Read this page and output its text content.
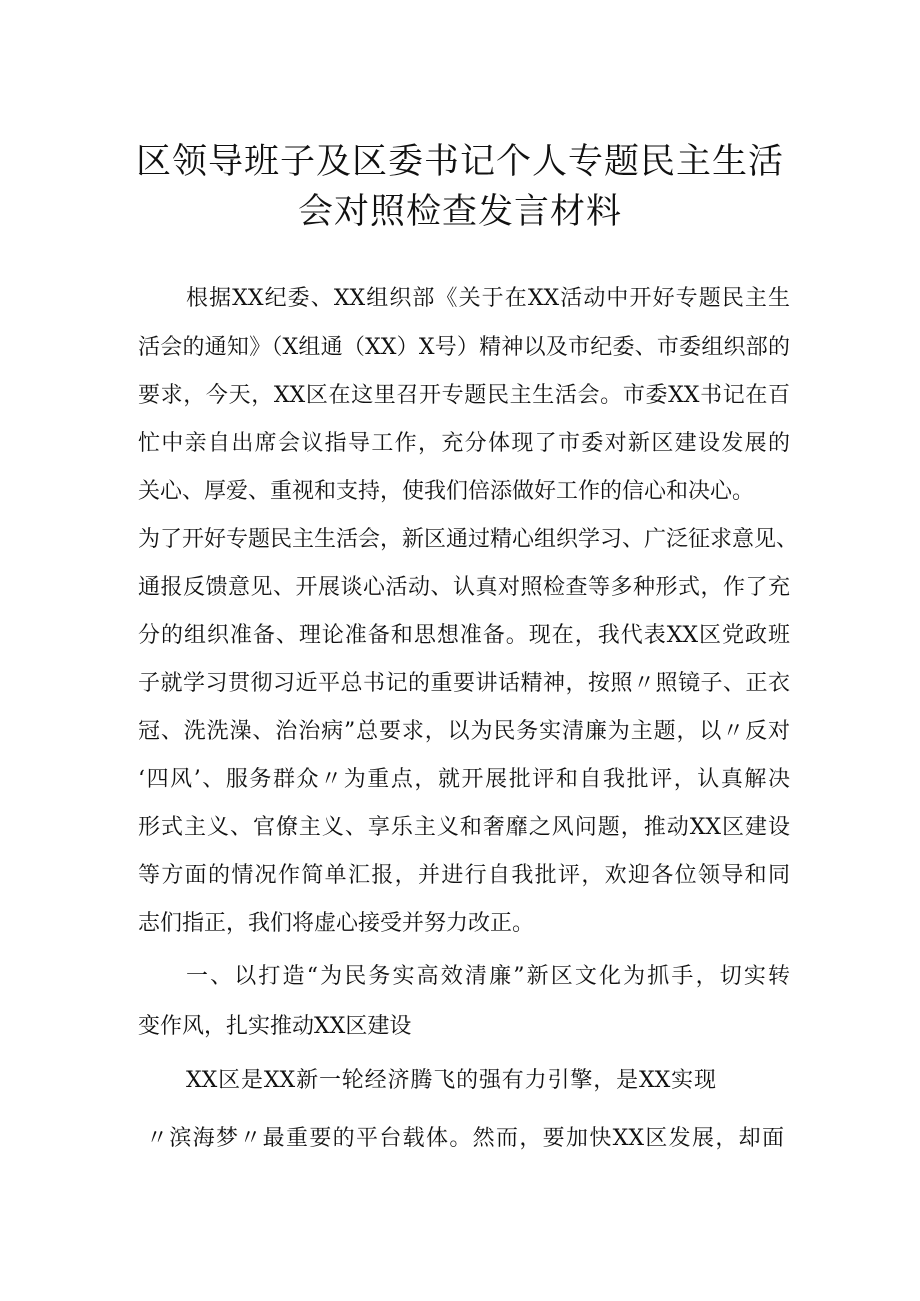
区领导班子及区委书记个人专题民主生活
会对照检查发言材料
根据XX纪委、XX组织部《关于在XX活动中开好专题民主生
活会的通知》（X组通（XX）X号）精神以及市纪委、市委组织部的
要求，今天，XX区在这里召开专题民主生活会。市委XX书记在百
忙中亲自出席会议指导工作，充分体现了市委对新区建设发展的
关心、厚爱、重视和支持，使我们倍添做好工作的信心和决心。
为了开好专题民主生活会，新区通过精心组织学习、广泛征求意见、
通报反馈意见、开展谈心活动、认真对照检查等多种形式，作了充
分的组织准备、理论准备和思想准备。现在，我代表XX区党政班
子就学习贯彻习近平总书记的重要讲话精神，按照〃照镜子、正衣
冠、洗洗澡、治治病”总要求，以为民务实清廉为主题，以〃反对
‘四风’、服务群众〃为重点，就开展批评和自我批评，认真解决
形式主义、官僚主义、享乐主义和奢靡之风问题，推动XX区建设
等方面的情况作简单汇报，并进行自我批评，欢迎各位领导和同
志们指正，我们将虚心接受并努力改正。
一、以打造“为民务实高效清廉”新区文化为抓手，切实转
变作风，扎实推动XX区建设
XX区是XX新一轮经济腾飞的强有力引擎，是XX实现
〃滨海梦〃最重要的平台载体。然而，要加快XX区发展，却面
